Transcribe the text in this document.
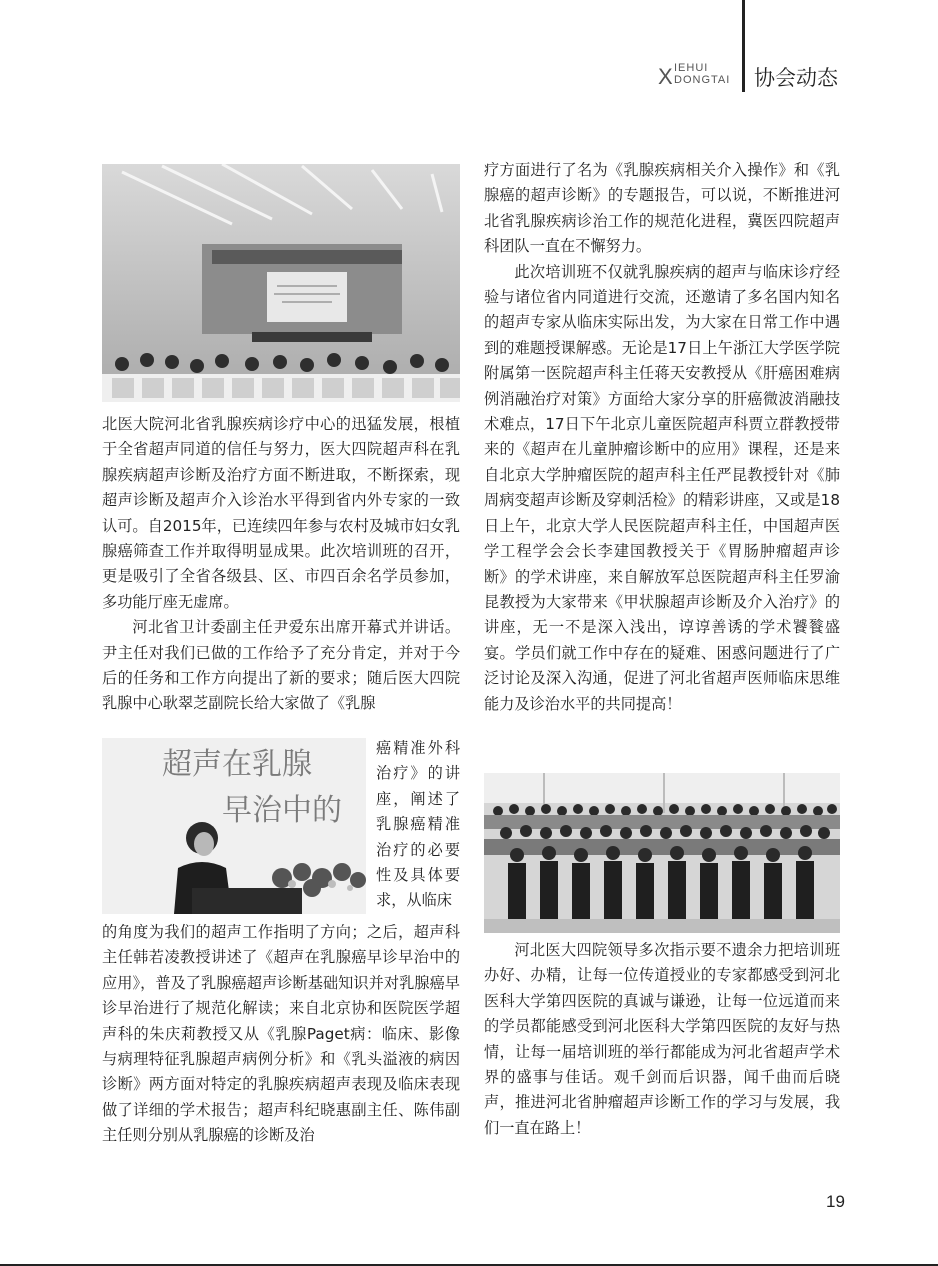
X IEHUI
DONGTAI 协会动态

北医大院河北省乳腺疾病诊疗中心的迅猛发展，根植于全省超声同道的信任与努力，医大四院超声科在乳腺疾病超声诊断及治疗方面不断进取，不断探索，现超声诊断及超声介入诊治水平得到省内外专家的一致认可。自2015年，已连续四年参与农村及城市妇女乳腺癌筛查工作并取得明显成果。此次培训班的召开，更是吸引了全省各级县、区、市四百余名学员参加，多功能厅座无虚席。

河北省卫计委副主任尹爱东出席开幕式并讲话。尹主任对我们已做的工作给予了充分肯定，并对于今后的任务和工作方向提出了新的要求；随后医大四院乳腺中心耿翠芝副院长给大家做了《乳腺

超声在乳腺
早治中的
癌精准外科治疗》的讲座，阐述了乳腺癌精准治疗的必要性及具体要求，从临床

的角度为我们的超声工作指明了方向；之后，超声科主任韩若凌教授讲述了《超声在乳腺癌早诊早治中的应用》，普及了乳腺癌超声诊断基础知识并对乳腺癌早诊早治进行了规范化解读；来自北京协和医院医学超声科的朱庆莉教授又从《乳腺Paget病：临床、影像与病理特征乳腺超声病例分析》和《乳头溢液的病因诊断》两方面对特定的乳腺疾病超声表现及临床表现做了详细的学术报告；超声科纪晓惠副主任、陈伟副主任则分别从乳腺癌的诊断及治

疗方面进行了名为《乳腺疾病相关介入操作》和《乳腺癌的超声诊断》的专题报告，可以说，不断推进河北省乳腺疾病诊治工作的规范化进程，冀医四院超声科团队一直在不懈努力。

此次培训班不仅就乳腺疾病的超声与临床诊疗经验与诸位省内同道进行交流，还邀请了多名国内知名的超声专家从临床实际出发，为大家在日常工作中遇到的难题授课解惑。无论是17日上午浙江大学医学院附属第一医院超声科主任蒋天安教授从《肝癌困难病例消融治疗对策》方面给大家分享的肝癌微波消融技术难点，17日下午北京儿童医院超声科贾立群教授带来的《超声在儿童肿瘤诊断中的应用》课程，还是来自北京大学肿瘤医院的超声科主任严昆教授针对《肺周病变超声诊断及穿刺活检》的精彩讲座，又或是18日上午，北京大学人民医院超声科主任，中国超声医学工程学会会长李建国教授关于《胃肠肿瘤超声诊断》的学术讲座，来自解放军总医院超声科主任罗渝昆教授为大家带来《甲状腺超声诊断及介入治疗》的讲座，无一不是深入浅出，谆谆善诱的学术饕餮盛宴。学员们就工作中存在的疑难、困惑问题进行了广泛讨论及深入沟通，促进了河北省超声医师临床思维能力及诊治水平的共同提高！

河北医大四院领导多次指示要不遗余力把培训班办好、办精，让每一位传道授业的专家都感受到河北医科大学第四医院的真诚与谦逊，让每一位远道而来的学员都能感受到河北医科大学第四医院的友好与热情，让每一届培训班的举行都能成为河北省超声学术界的盛事与佳话。观千剑而后识器，闻千曲而后晓声，推进河北省肿瘤超声诊断工作的学习与发展，我们一直在路上！

19
